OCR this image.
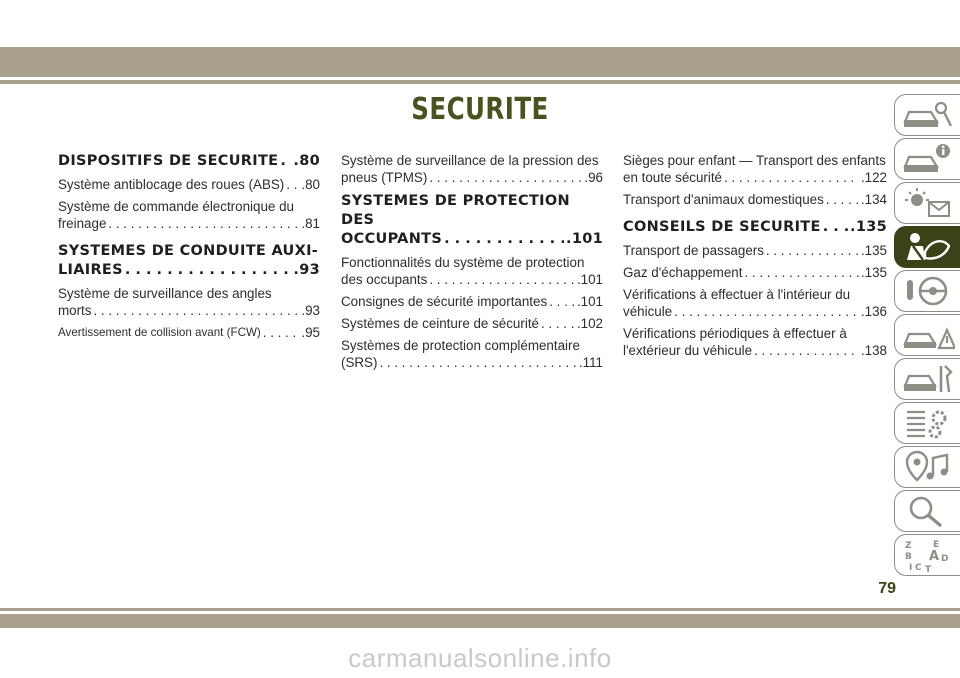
SECURITE
DISPOSITIFS DE SECURITE . . . .80
Système antiblocage des roues (ABS) . . . .80
Système de commande électronique du
freinage . . .	.81
SYSTEMES DE CONDUITE AUXI-
LIAIRES . . .	.93
Système de surveillance des angles
morts . . .	.93
Avertissement de collision avant (FCW) . . .	.95
Système de surveillance de la pression des
pneus (TPMS) . . .	.96
SYSTEMES DE PROTECTION DES
OCCUPANTS . . .	.101
Fonctionnalités du système de protection
des occupants . . .	.101
Consignes de sécurité importantes . . . .101
Systèmes de ceinture de sécurité . . .	.102
Systèmes de protection complémentaire
(SRS) . . .	.111
Sièges pour enfant — Transport des enfants
en toute sécurité . . .	.122
Transport d'animaux domestiques . . .	.134
CONSEILS DE SECURITE . . . .135
Transport de passagers . . .	.135
Gaz d'échappement . . .	.135
Vérifications à effectuer à l'intérieur du
véhicule . . .	.136
Vérifications périodiques à effectuer à
l'extérieur du véhicule . . .	.138
Z E
B A
C
D
I T
79
carmanualsonline.info
